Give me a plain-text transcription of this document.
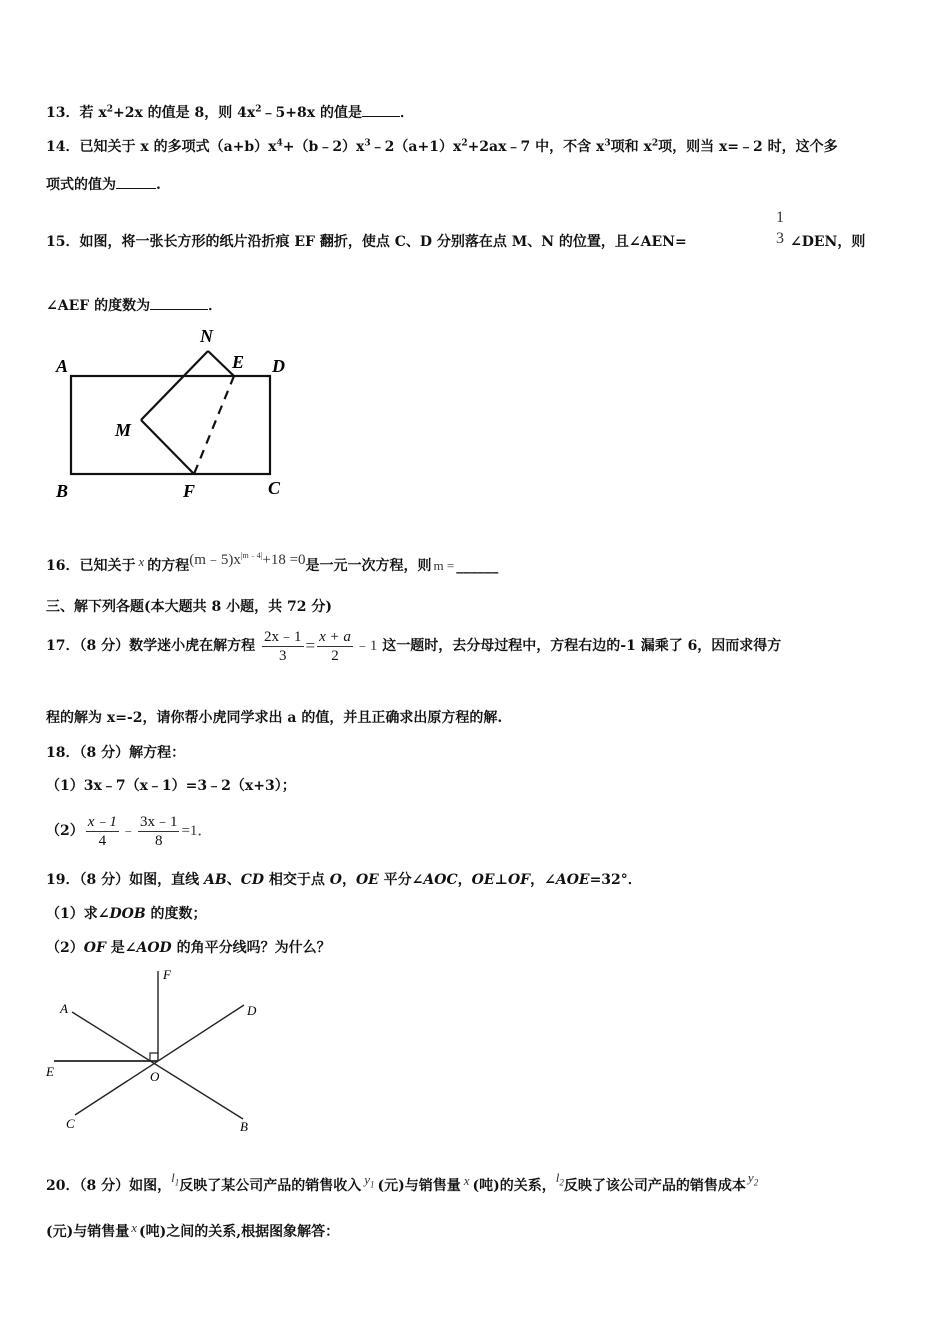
13．若 $x^2+2x$ 的值是 8，则 $4x^2﹣5+8x$ 的值是	．
14．已知关于 x 的多项式$(a+b)x^4+(b﹣2)x^3﹣2(a+1)x^2+2ax﹣7$ 中，不含 $x^3$项和 $x^2$项，则当 x=﹣2 时，这个多
项式的值为	.
15．如图，将一张长方形的纸片沿折痕 EF 翻折，使点 C、D 分别落在点 M、N 的位置，且∠AEN=
1
3 ∠DEN，则
∠AEF 的度数为	．
N
E D
A
M
B	F	C
16．已知关于 x 的方程$(m﹣5)x^{|m﹣4|}+18 =0$是一元一次方程，则 m = ______
三、解下列各题(本大题共 8 小题，共 72 分)
17．（8 分）数学迷小虎在解方程 $\frac{2x﹣1}{3} = \frac{x + a}{2}$ ﹣1 这一题时，去分母过程中，方程右边的-1 漏乘了 6，因而求得方
程的解为 x=-2，请你帮小虎同学求出 a 的值，并且正确求出原方程的解.
18．（8 分）解方程：
（1）3x﹣7（x﹣1）=3﹣2（x+3）；
$(2) \frac{x﹣1}{4}$ ﹣ $\frac{3x﹣1}{8} =1$．
19．（8 分）如图，直线 AB、CD 相交于点 O，OE 平分∠AOC，OE⊥OF，∠AOE=32°．
（1）求∠DOB 的度数；
（2）OF 是∠AOD 的角平分线吗？为什么？
F
A	D
E	O
C	B
20．（8 分）如图，$l_1$反映了某公司产品的销售收入 $y_1$ (元)与销售量 x (吨)的关系，$l_2$反映了该公司产品的销售成本$y_2$
(元)与销售量 x (吨)之间的关系,根据图象解答：
